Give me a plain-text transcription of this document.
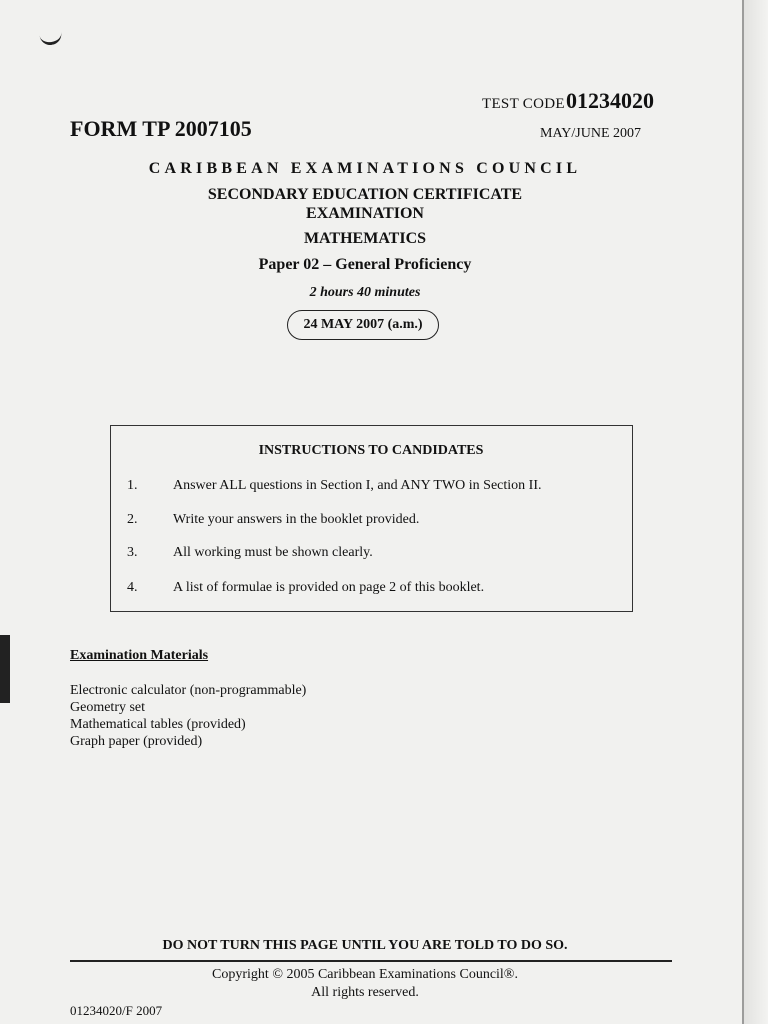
TEST CODE 01234020
FORM TP 2007105	MAY/JUNE 2007
CARIBBEAN EXAMINATIONS COUNCIL
SECONDARY EDUCATION CERTIFICATE
EXAMINATION
MATHEMATICS
Paper 02 – General Proficiency
2 hours 40 minutes
24 MAY 2007 (a.m.)
INSTRUCTIONS TO CANDIDATES
1.	Answer ALL questions in Section I, and ANY TWO in Section II.
2.	Write your answers in the booklet provided.
3.	All working must be shown clearly.
4.	A list of formulae is provided on page 2 of this booklet.
Examination Materials
Electronic calculator (non-programmable)
Geometry set
Mathematical tables (provided)
Graph paper (provided)
DO NOT TURN THIS PAGE UNTIL YOU ARE TOLD TO DO SO.
Copyright © 2005 Caribbean Examinations Council®.
All rights reserved.
01234020/F 2007
